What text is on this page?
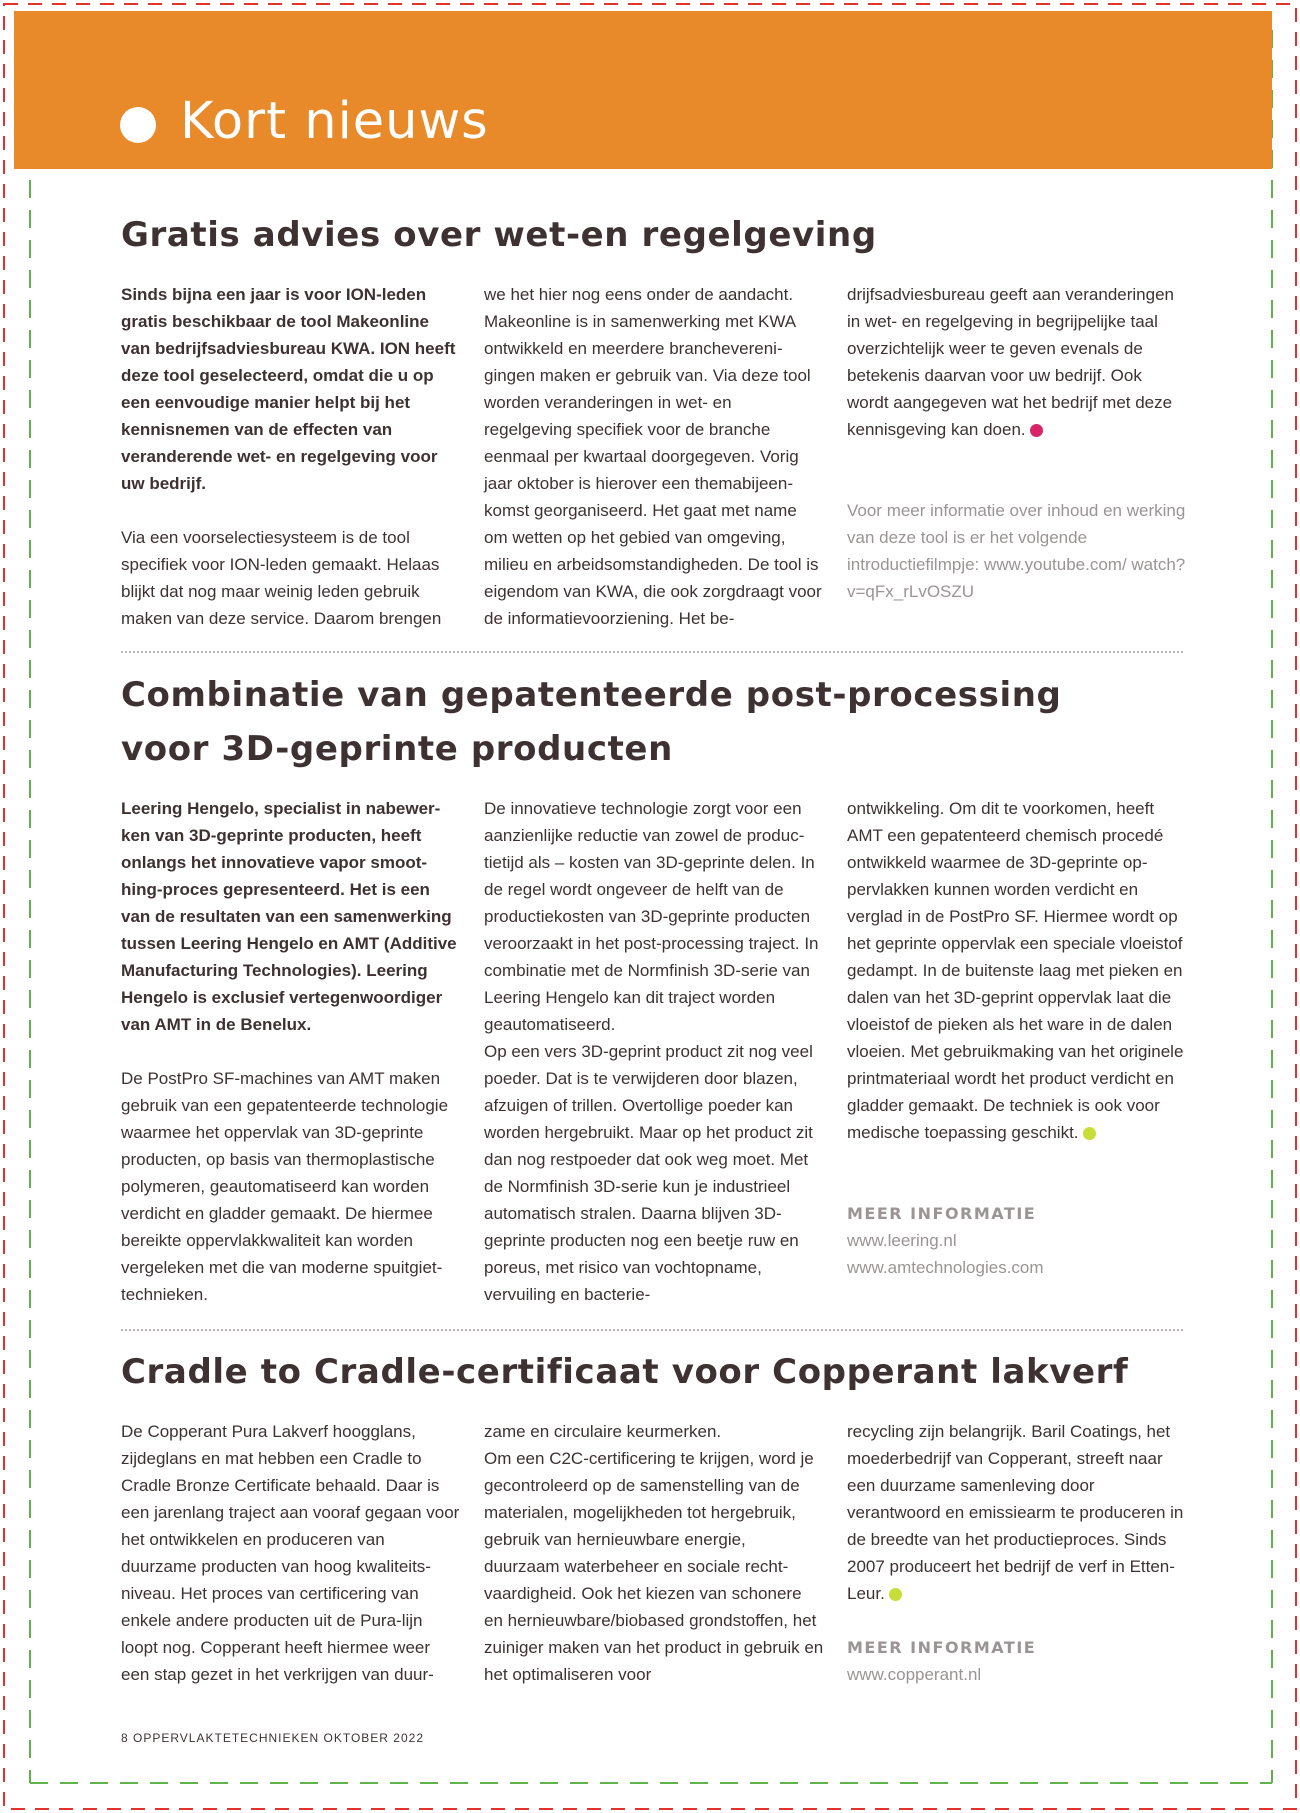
Kort nieuws
Gratis advies over wet-en regelgeving

Sinds bijna een jaar is voor ION-leden gratis beschikbaar de tool Makeonline van bedrijfsadviesbureau KWA. ION heeft deze tool geselecteerd, omdat die u op een eenvoudige manier helpt bij het kennisnemen van de effecten van veranderende wet- en regelgeving voor uw bedrijf.

Via een voorselectiesysteem is de tool specifiek voor ION-leden gemaakt. Helaas blijkt dat nog maar weinig leden gebruik maken van deze service. Daarom brengen

we het hier nog eens onder de aandacht. Makeonline is in samenwerking met KWA ontwikkeld en meerdere brancheverenigingen maken er gebruik van. Via deze tool worden veranderingen in wet- en regelgeving specifiek voor de branche eenmaal per kwartaal doorgegeven. Vorig jaar oktober is hierover een themabijeenkomst georganiseerd. Het gaat met name om wetten op het gebied van omgeving, milieu en arbeidsomstandigheden. De tool is eigendom van KWA, die ook zorgdraagt voor de informatievoorziening. Het be-

drijfsadviesbureau geeft aan veranderingen in wet- en regelgeving in begrijpelijke taal overzichtelijk weer te geven evenals de betekenis daarvan voor uw bedrijf. Ook wordt aangegeven wat het bedrijf met deze kennisgeving kan doen.

Voor meer informatie over inhoud en werking van deze tool is er het volgende introductiefilmpje: www.youtube.com/ watch?v=qFx_rLvOSZU

Combinatie van gepatenteerde post-processing
voor 3D-geprinte producten

Leering Hengelo, specialist in nabewerken van 3D-geprinte producten, heeft onlangs het innovatieve vapor smoothing-proces gepresenteerd. Het is een van de resultaten van een samenwerking tussen Leering Hengelo en AMT (Additive Manufacturing Technologies). Leering Hengelo is exclusief vertegenwoordiger van AMT in de Benelux.

De PostPro SF-machines van AMT maken gebruik van een gepatenteerde technologie waarmee het oppervlak van 3D-geprinte producten, op basis van thermoplastische polymeren, geautomatiseerd kan worden verdicht en gladder gemaakt. De hiermee bereikte oppervlakkwaliteit kan worden vergeleken met die van moderne spuitgiet-technieken.

De innovatieve technologie zorgt voor een aanzienlijke reductie van zowel de productietijd als – kosten van 3D-geprinte delen. In de regel wordt ongeveer de helft van de productiekosten van 3D-geprinte producten veroorzaakt in het post-processing traject. In combinatie met de Normfinish 3D-serie van Leering Hengelo kan dit traject worden geautomatiseerd.

Op een vers 3D-geprint product zit nog veel poeder. Dat is te verwijderen door blazen, afzuigen of trillen. Overtollige poeder kan worden hergebruikt. Maar op het product zit dan nog restpoeder dat ook weg moet. Met de Normfinish 3D-serie kun je industrieel automatisch stralen. Daarna blijven 3D-geprinte producten nog een beetje ruw en poreus, met risico van vochtopname, vervuiling en bacterie-

ontwikkeling. Om dit te voorkomen, heeft AMT een gepatenteerd chemisch procedé ontwikkeld waarmee de 3D-geprinte oppervlakken kunnen worden verdicht en verglad in de PostPro SF. Hiermee wordt op het geprinte oppervlak een speciale vloeistof gedampt. In de buitenste laag met pieken en dalen van het 3D-geprint oppervlak laat die vloeistof de pieken als het ware in de dalen vloeien. Met gebruikmaking van het originele printmateriaal wordt het product verdicht en gladder gemaakt. De techniek is ook voor medische toepassing geschikt.

MEER INFORMATIE

www.leering.nl

www.amtechnologies.com

Cradle to Cradle-certificaat voor Copperant lakverf

De Copperant Pura Lakverf hoogglans, zijdeglans en mat hebben een Cradle to Cradle Bronze Certificate behaald. Daar is een jarenlang traject aan vooraf gegaan voor het ontwikkelen en produceren van duurzame producten van hoog kwaliteitsniveau. Het proces van certificering van enkele andere producten uit de Pura-lijn loopt nog. Copperant heeft hiermee weer een stap gezet in het verkrijgen van duur-

zame en circulaire keurmerken.

Om een C2C-certificering te krijgen, word je gecontroleerd op de samenstelling van de materialen, mogelijkheden tot hergebruik, gebruik van hernieuwbare energie, duurzaam waterbeheer en sociale rechtvaardigheid. Ook het kiezen van schonere en hernieuwbare/biobased grondstoffen, het zuiniger maken van het product in gebruik en het optimaliseren voor

recycling zijn belangrijk. Baril Coatings, het moederbedrijf van Copperant, streeft naar een duurzame samenleving door verantwoord en emissiearm te produceren in de breedte van het productieproces. Sinds 2007 produceert het bedrijf de verf in Etten-Leur.

MEER INFORMATIE

www.copperant.nl

8 OPPERVLAKTETECHNIEKEN OKTOBER 2022
